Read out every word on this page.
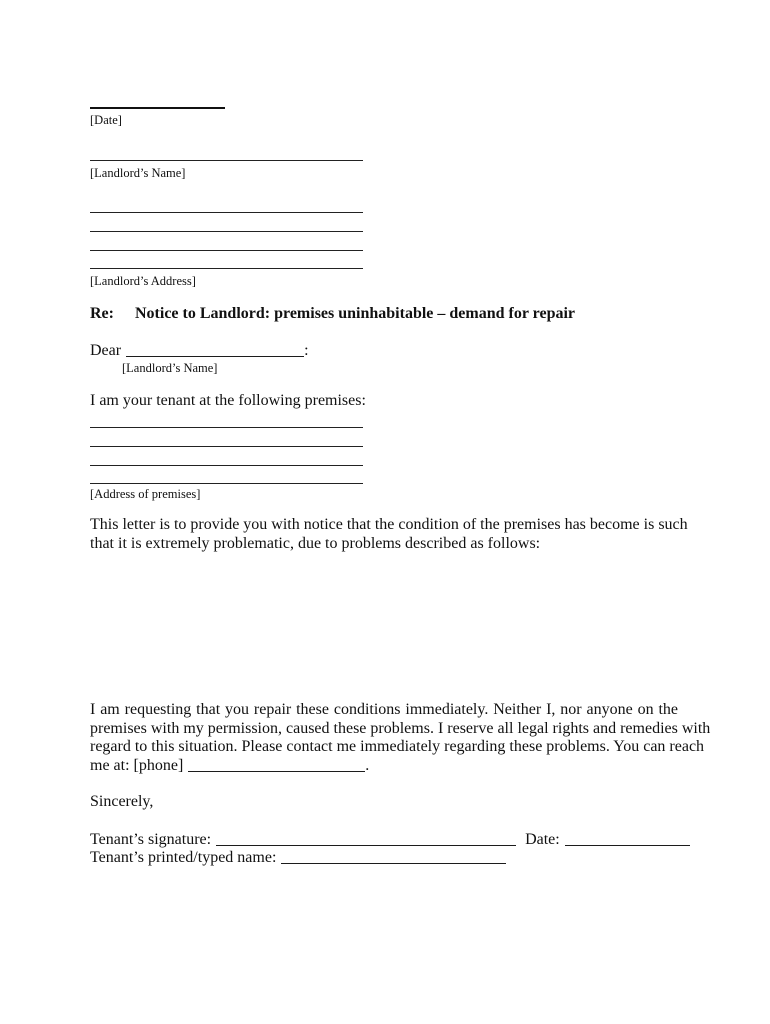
[Date]
[Landlord’s Name]
[Landlord’s Address]
Re: Notice to Landlord: premises uninhabitable – demand for repair
Dear	:
[Landlord’s Name]
I am your tenant at the following premises:
[Address of premises]
This letter is to provide you with notice that the condition of the premises has become is such
that it is extremely problematic, due to problems described as follows:
I am requesting that you repair these conditions immediately. Neither I, nor anyone on the
premises with my permission, caused these problems. I reserve all legal rights and remedies with
regard to this situation. Please contact me immediately regarding these problems. You can reach
me at: [phone]	.
Sincerely,
Tenant’s signature:	Date:
Tenant’s printed/typed name:
